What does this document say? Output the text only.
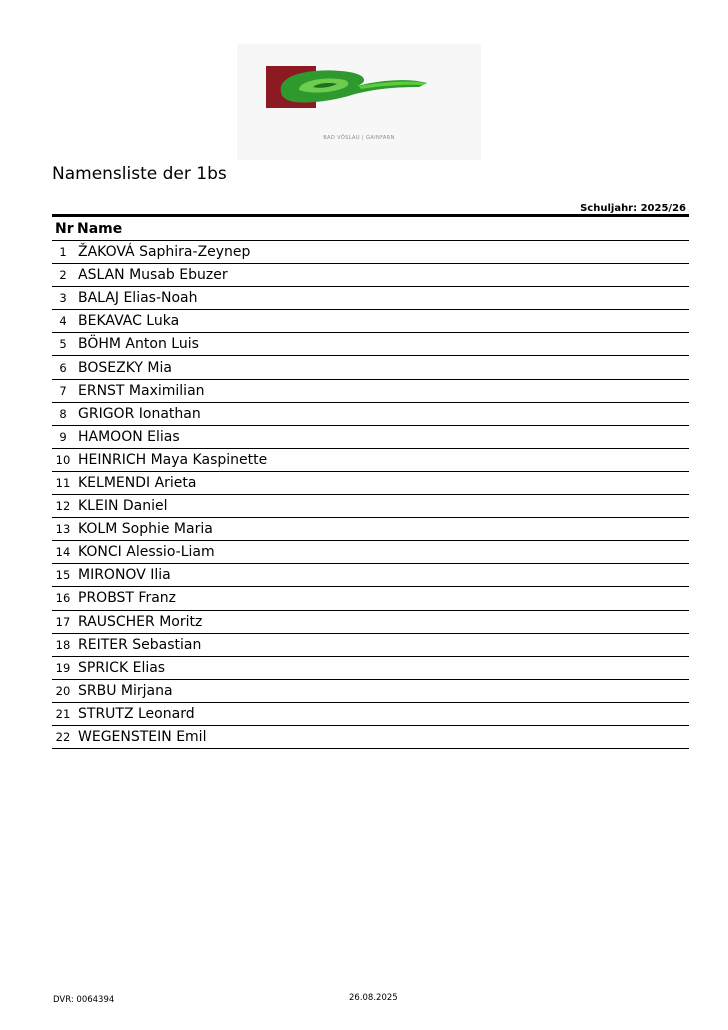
BAD VÖSLAU | GAINFARN
Namensliste der 1bs
Schuljahr: 2025/26
Nr Name
1 ŽAKOVÁ Saphira-Zeynep
2 ASLAN Musab Ebuzer
3 BALAJ Elias-Noah
4 BEKAVAC Luka
5 BÖHM Anton Luis
6 BOSEZKY Mia
7 ERNST Maximilian
8 GRIGOR Ionathan
9 HAMOON Elias
10 HEINRICH Maya Kaspinette
11 KELMENDI Arieta
12 KLEIN Daniel
13 KOLM Sophie Maria
14 KONCI Alessio-Liam
15 MIRONOV Ilia
16 PROBST Franz
17 RAUSCHER Moritz
18 REITER Sebastian
19 SPRICK Elias
20 SRBU Mirjana
21 STRUTZ Leonard
22 WEGENSTEIN Emil
DVR: 0064394	26.08.2025
